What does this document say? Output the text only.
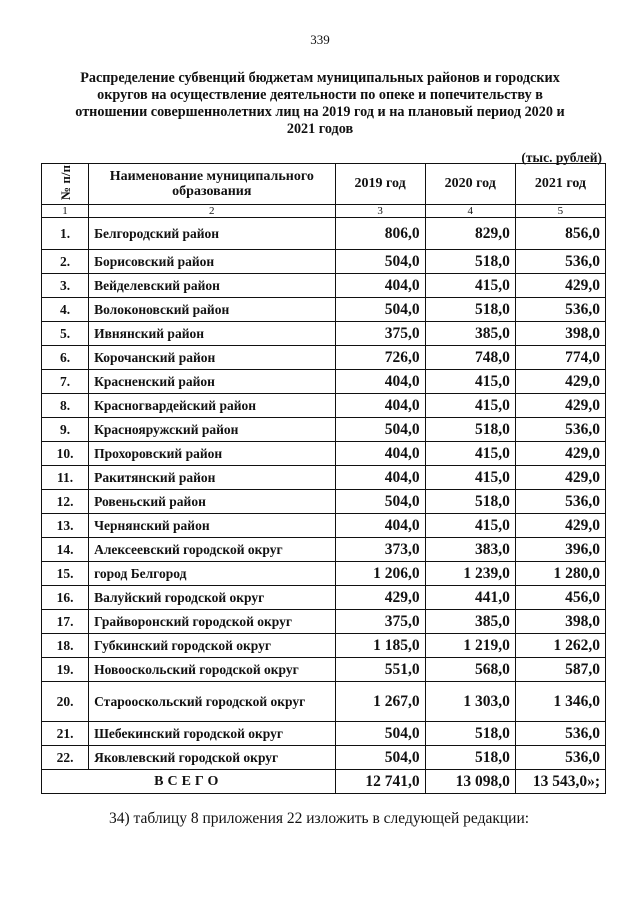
339
Распределение субвенций бюджетам муниципальных районов и городских округов на осуществление деятельности по опеке и попечительству в отношении совершеннолетних лиц на 2019 год и на плановый период 2020 и 2021 годов
(тыс. рублей)
№ п/п	Наименование муниципального образования	2019 год	2020 год	2021 год
1	2	3	4	5
1.	Белгородский район	806,0	829,0	856,0
2.	Борисовский район	504,0	518,0	536,0
3.	Вейделевский район	404,0	415,0	429,0
4.	Волоконовский район	504,0	518,0	536,0
5.	Ивнянский район	375,0	385,0	398,0
6.	Корочанский район	726,0	748,0	774,0
7.	Красненский район	404,0	415,0	429,0
8.	Красногвардейский район	404,0	415,0	429,0
9.	Краснояружский район	504,0	518,0	536,0
10.	Прохоровский район	404,0	415,0	429,0
11.	Ракитянский район	404,0	415,0	429,0
12.	Ровеньский район	504,0	518,0	536,0
13.	Чернянский район	404,0	415,0	429,0
14.	Алексеевский городской округ	373,0	383,0	396,0
15.	город Белгород	1 206,0	1 239,0	1 280,0
16.	Валуйский городской округ	429,0	441,0	456,0
17.	Грайворонский городской округ	375,0	385,0	398,0
18.	Губкинский городской округ	1 185,0	1 219,0	1 262,0
19.	Новооскольский городской округ	551,0	568,0	587,0
20.	Старооскольский городской округ	1 267,0	1 303,0	1 346,0
21.	Шебекинский городской округ	504,0	518,0	536,0
22.	Яковлевский городской округ	504,0	518,0	536,0
ВСЕГО		12 741,0	13 098,0	13 543,0»;
34) таблицу 8 приложения 22 изложить в следующей редакции:
